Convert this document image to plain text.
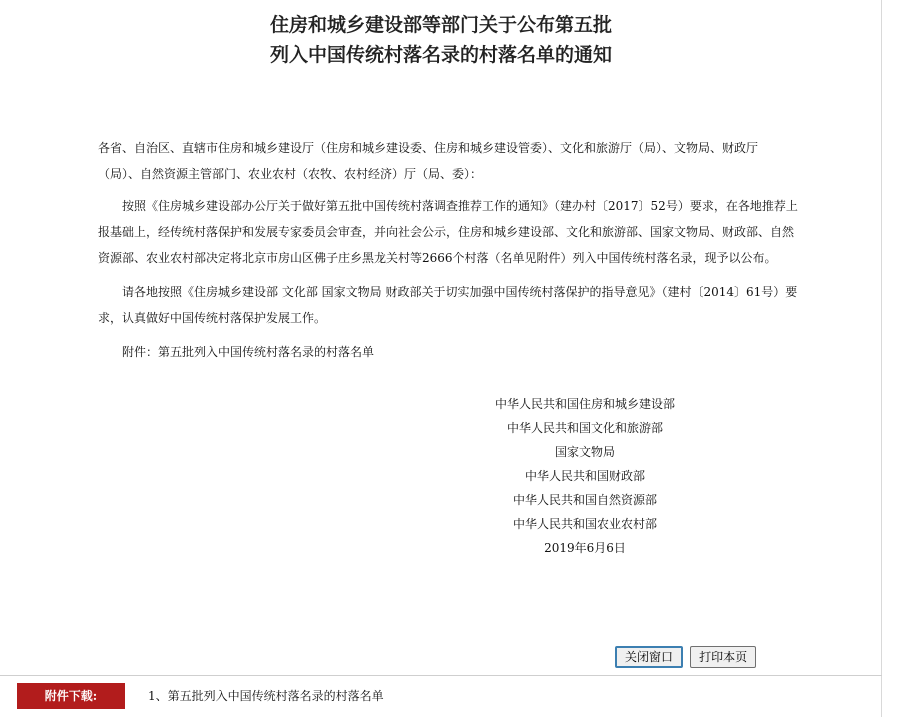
住房和城乡建设部等部门关于公布第五批
列入中国传统村落名录的村落名单的通知

各省、自治区、直辖市住房和城乡建设厅（住房和城乡建设委、住房和城乡建设管委）、文化和旅游厅（局）、文物局、财政厅（局）、自然资源主管部门、农业农村（农牧、农村经济）厅（局、委）：

按照《住房城乡建设部办公厅关于做好第五批中国传统村落调查推荐工作的通知》（建办村〔2017〕52号）要求，在各地推荐上报基础上，经传统村落保护和发展专家委员会审查，并向社会公示，住房和城乡建设部、文化和旅游部、国家文物局、财政部、自然资源部、农业农村部决定将北京市房山区佛子庄乡黑龙关村等2666个村落（名单见附件）列入中国传统村落名录，现予以公布。

请各地按照《住房城乡建设部 文化部 国家文物局 财政部关于切实加强中国传统村落保护的指导意见》（建村〔2014〕61号）要求，认真做好中国传统村落保护发展工作。

附件：第五批列入中国传统村落名录的村落名单

中华人民共和国住房和城乡建设部
中华人民共和国文化和旅游部
国家文物局
中华人民共和国财政部
中华人民共和国自然资源部
中华人民共和国农业农村部
2019年6月6日
关闭窗口 打印本页
附件下载:	1、第五批列入中国传统村落名录的村落名单
